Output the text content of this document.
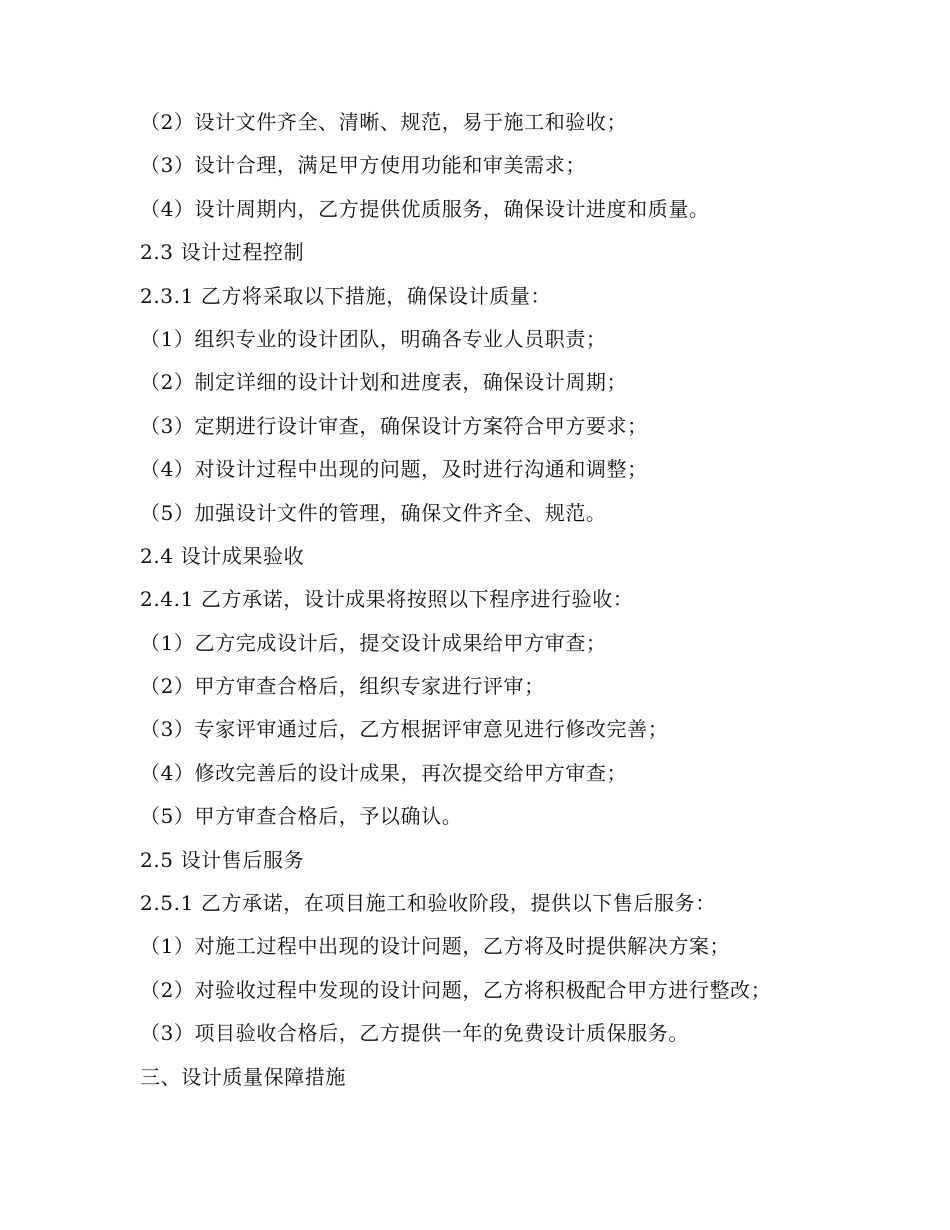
（2）设计文件齐全、清晰、规范，易于施工和验收；
（3）设计合理，满足甲方使用功能和审美需求；
（4）设计周期内，乙方提供优质服务，确保设计进度和质量。
2.3 设计过程控制
2.3.1 乙方将采取以下措施，确保设计质量：
（1）组织专业的设计团队，明确各专业人员职责；
（2）制定详细的设计计划和进度表，确保设计周期；
（3）定期进行设计审查，确保设计方案符合甲方要求；
（4）对设计过程中出现的问题，及时进行沟通和调整；
（5）加强设计文件的管理，确保文件齐全、规范。
2.4 设计成果验收
2.4.1 乙方承诺，设计成果将按照以下程序进行验收：
（1）乙方完成设计后，提交设计成果给甲方审查；
（2）甲方审查合格后，组织专家进行评审；
（3）专家评审通过后，乙方根据评审意见进行修改完善；
（4）修改完善后的设计成果，再次提交给甲方审查；
（5）甲方审查合格后，予以确认。
2.5 设计售后服务
2.5.1 乙方承诺，在项目施工和验收阶段，提供以下售后服务：
（1）对施工过程中出现的设计问题，乙方将及时提供解决方案；
（2）对验收过程中发现的设计问题，乙方将积极配合甲方进行整改；
（3）项目验收合格后，乙方提供一年的免费设计质保服务。
三、设计质量保障措施
